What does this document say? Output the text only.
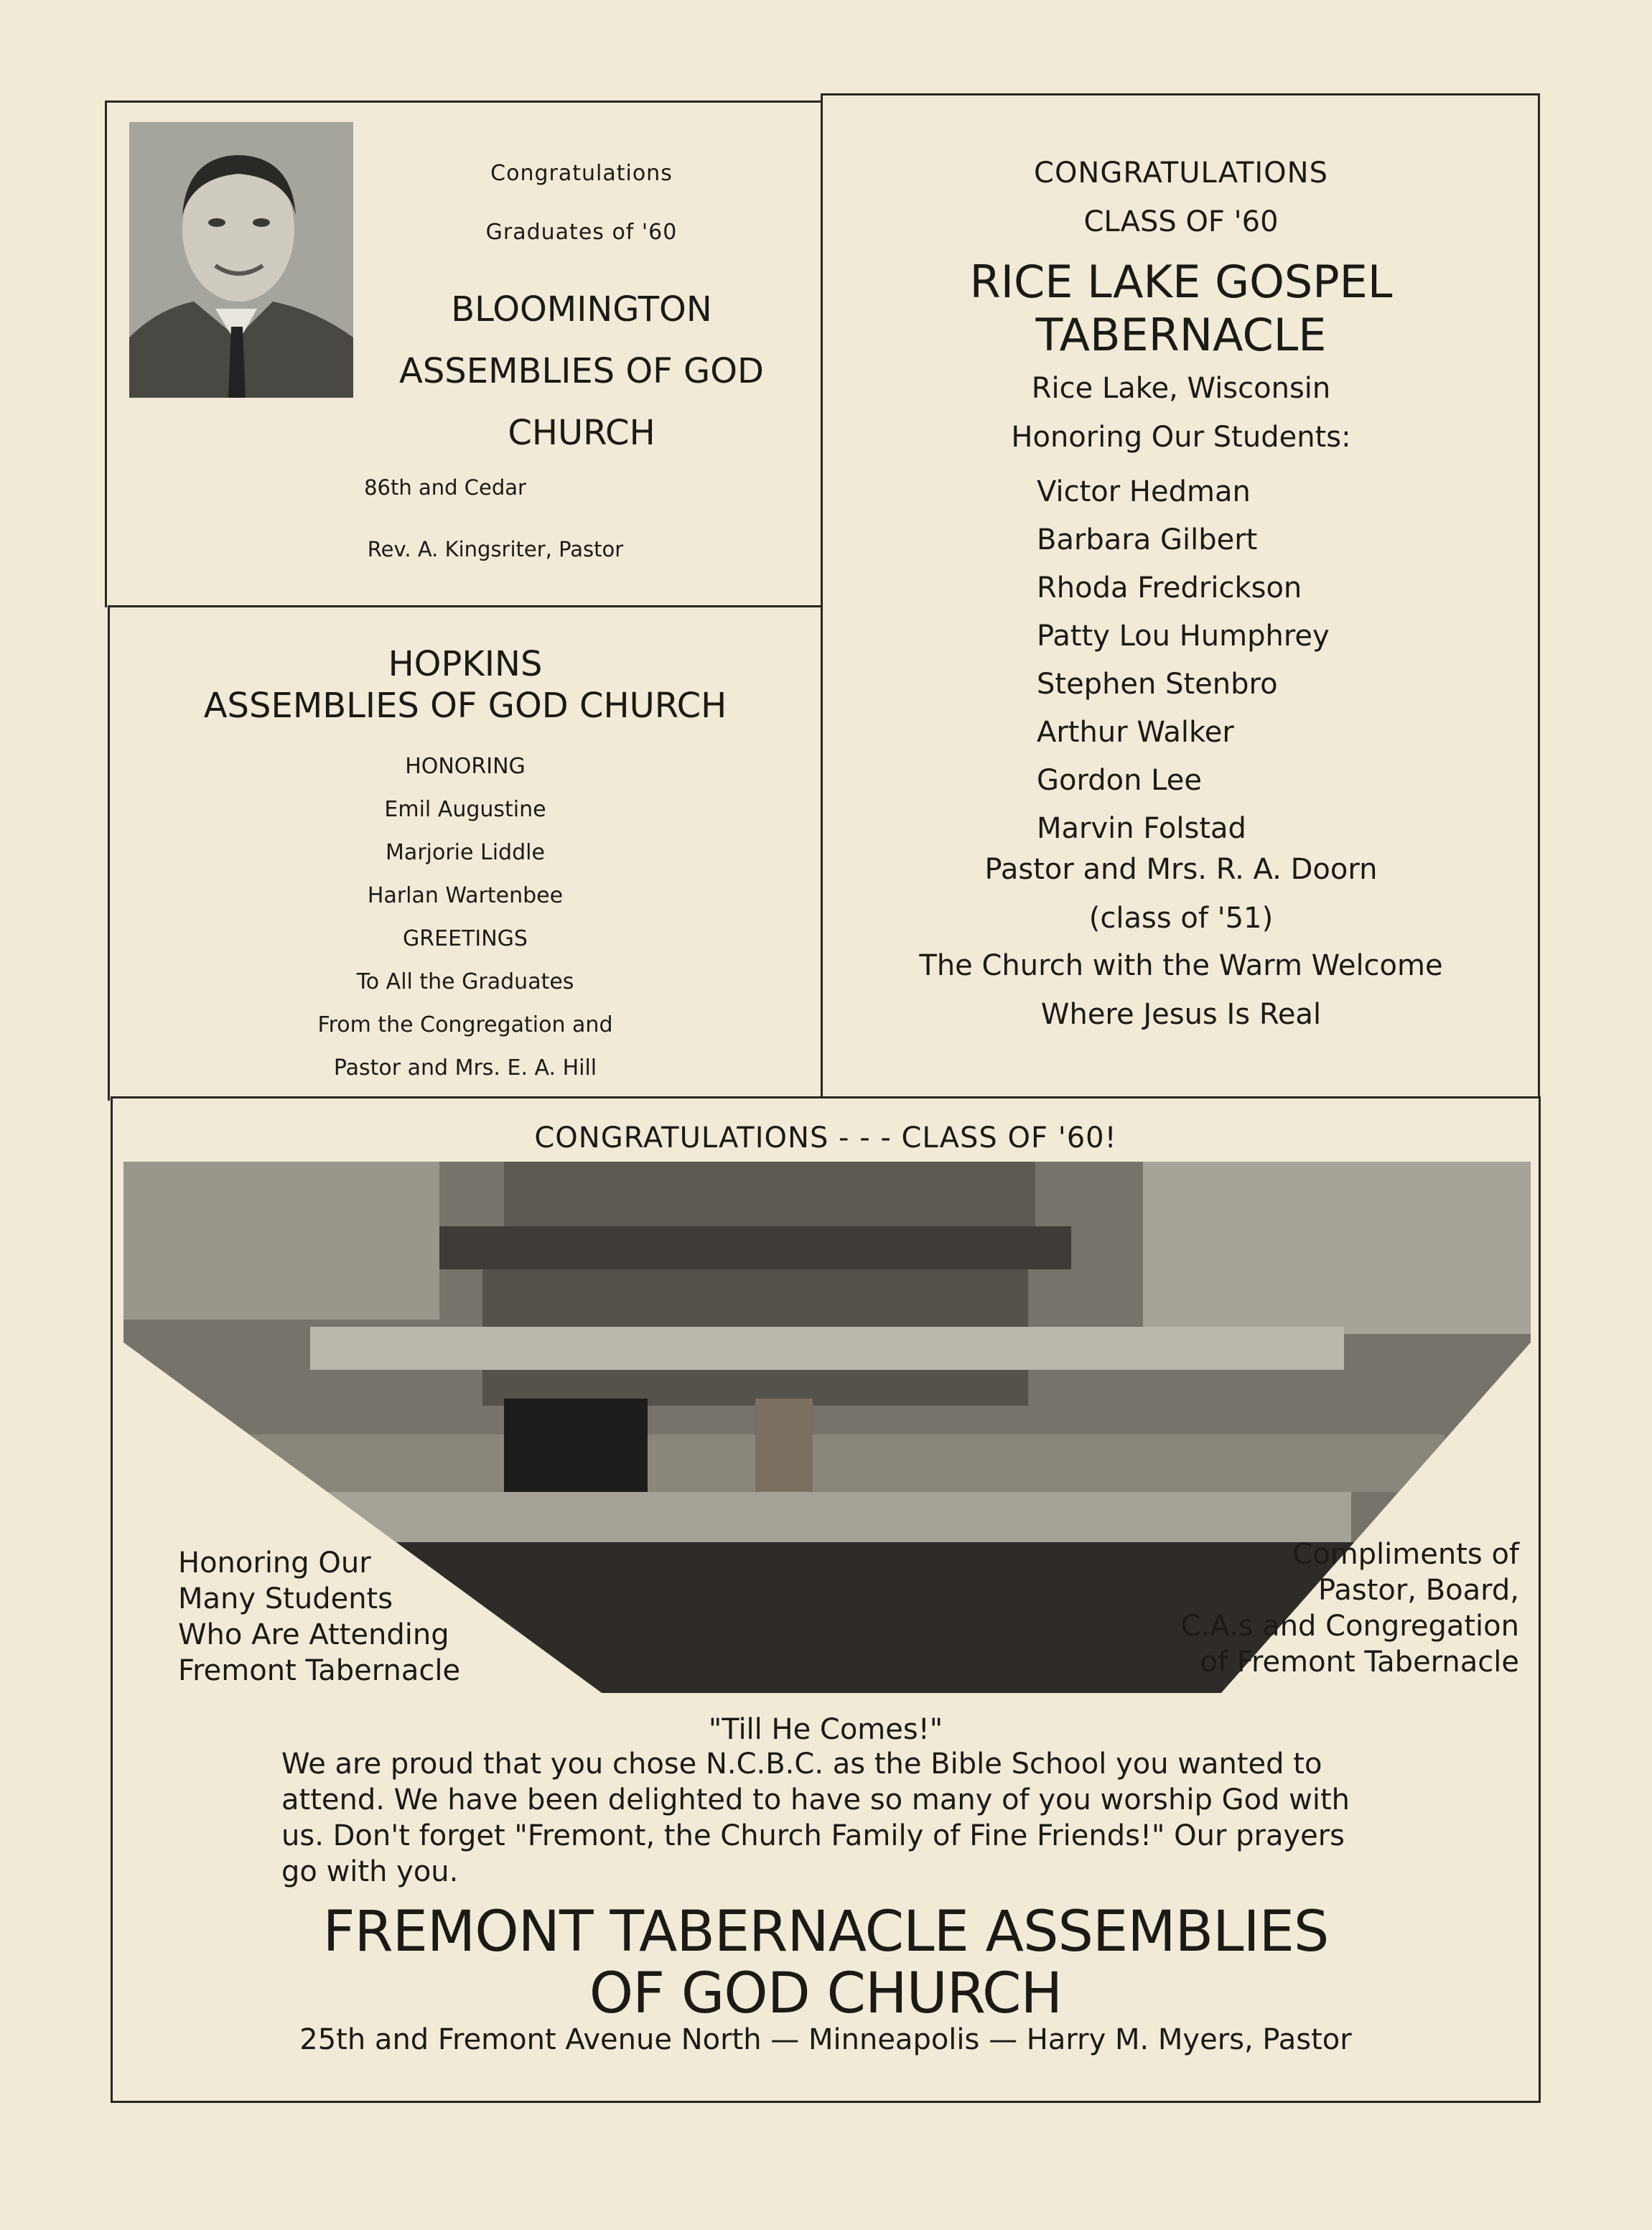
Congratulations
Graduates of '60
BLOOMINGTON
ASSEMBLIES OF GOD
CHURCH
86th and Cedar
Rev. A. Kingsriter, Pastor
CONGRATULATIONS
CLASS OF '60
RICE LAKE GOSPEL
TABERNACLE
Rice Lake, Wisconsin
Honoring Our Students:
Victor Hedman
Barbara Gilbert
Rhoda Fredrickson
Patty Lou Humphrey
Stephen Stenbro
Arthur Walker
Gordon Lee
Marvin Folstad
Pastor and Mrs. R. A. Doorn
(class of '51)
The Church with the Warm Welcome
Where Jesus Is Real
HOPKINS
ASSEMBLIES OF GOD CHURCH
HONORING
Emil Augustine
Marjorie Liddle
Harlan Wartenbee
GREETINGS
To All the Graduates
From the Congregation and
Pastor and Mrs. E. A. Hill
CONGRATULATIONS - - - CLASS OF '60!
Honoring Our
Many Students
Who Are Attending
Fremont Tabernacle
Compliments of
Pastor, Board,
C.A.s and Congregation
of Fremont Tabernacle
"Till He Comes!"
We are proud that you chose N.C.B.C. as the Bible School you wanted to
attend. We have been delighted to have so many of you worship God with
us. Don't forget "Fremont, the Church Family of Fine Friends!" Our prayers
go with you.
FREMONT TABERNACLE ASSEMBLIES
OF GOD CHURCH
25th and Fremont Avenue North — Minneapolis — Harry M. Myers, Pastor
